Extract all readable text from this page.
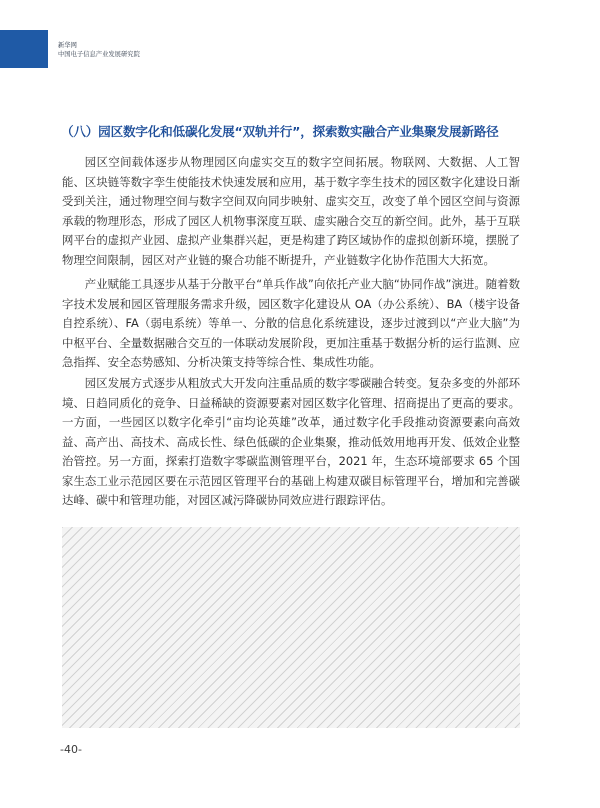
新华网
中国电子信息产业发展研究院
（八）园区数字化和低碳化发展“双轨并行”，探索数实融合产业集聚发展新路径

园区空间载体逐步从物理园区向虚实交互的数字空间拓展。物联网、大数据、人工智能、区块链等数字孪生使能技术快速发展和应用，基于数字孪生技术的园区数字化建设日渐受到关注，通过物理空间与数字空间双向同步映射、虚实交互，改变了单个园区空间与资源承载的物理形态，形成了园区人机物事深度互联、虚实融合交互的新空间。此外，基于互联网平台的虚拟产业园、虚拟产业集群兴起，更是构建了跨区域协作的虚拟创新环境，摆脱了物理空间限制，园区对产业链的聚合功能不断提升，产业链数字化协作范围大大拓宽。

产业赋能工具逐步从基于分散平台“单兵作战”向依托产业大脑“协同作战”演进。随着数字技术发展和园区管理服务需求升级，园区数字化建设从 OA（办公系统）、BA（楼宇设备自控系统）、FA（弱电系统）等单一、分散的信息化系统建设，逐步过渡到以“产业大脑”为中枢平台、全量数据融合交互的一体联动发展阶段，更加注重基于数据分析的运行监测、应急指挥、安全态势感知、分析决策支持等综合性、集成性功能。

园区发展方式逐步从粗放式大开发向注重品质的数字零碳融合转变。复杂多变的外部环境、日趋同质化的竞争、日益稀缺的资源要素对园区数字化管理、招商提出了更高的要求。一方面，一些园区以数字化牵引“亩均论英雄”改革，通过数字化手段推动资源要素向高效益、高产出、高技术、高成长性、绿色低碳的企业集聚，推动低效用地再开发、低效企业整治管控。另一方面，探索打造数字零碳监测管理平台，2021 年，生态环境部要求 65 个国家生态工业示范园区要在示范园区管理平台的基础上构建双碳目标管理平台，增加和完善碳达峰、碳中和管理功能，对园区减污降碳协同效应进行跟踪评估。

-40-
